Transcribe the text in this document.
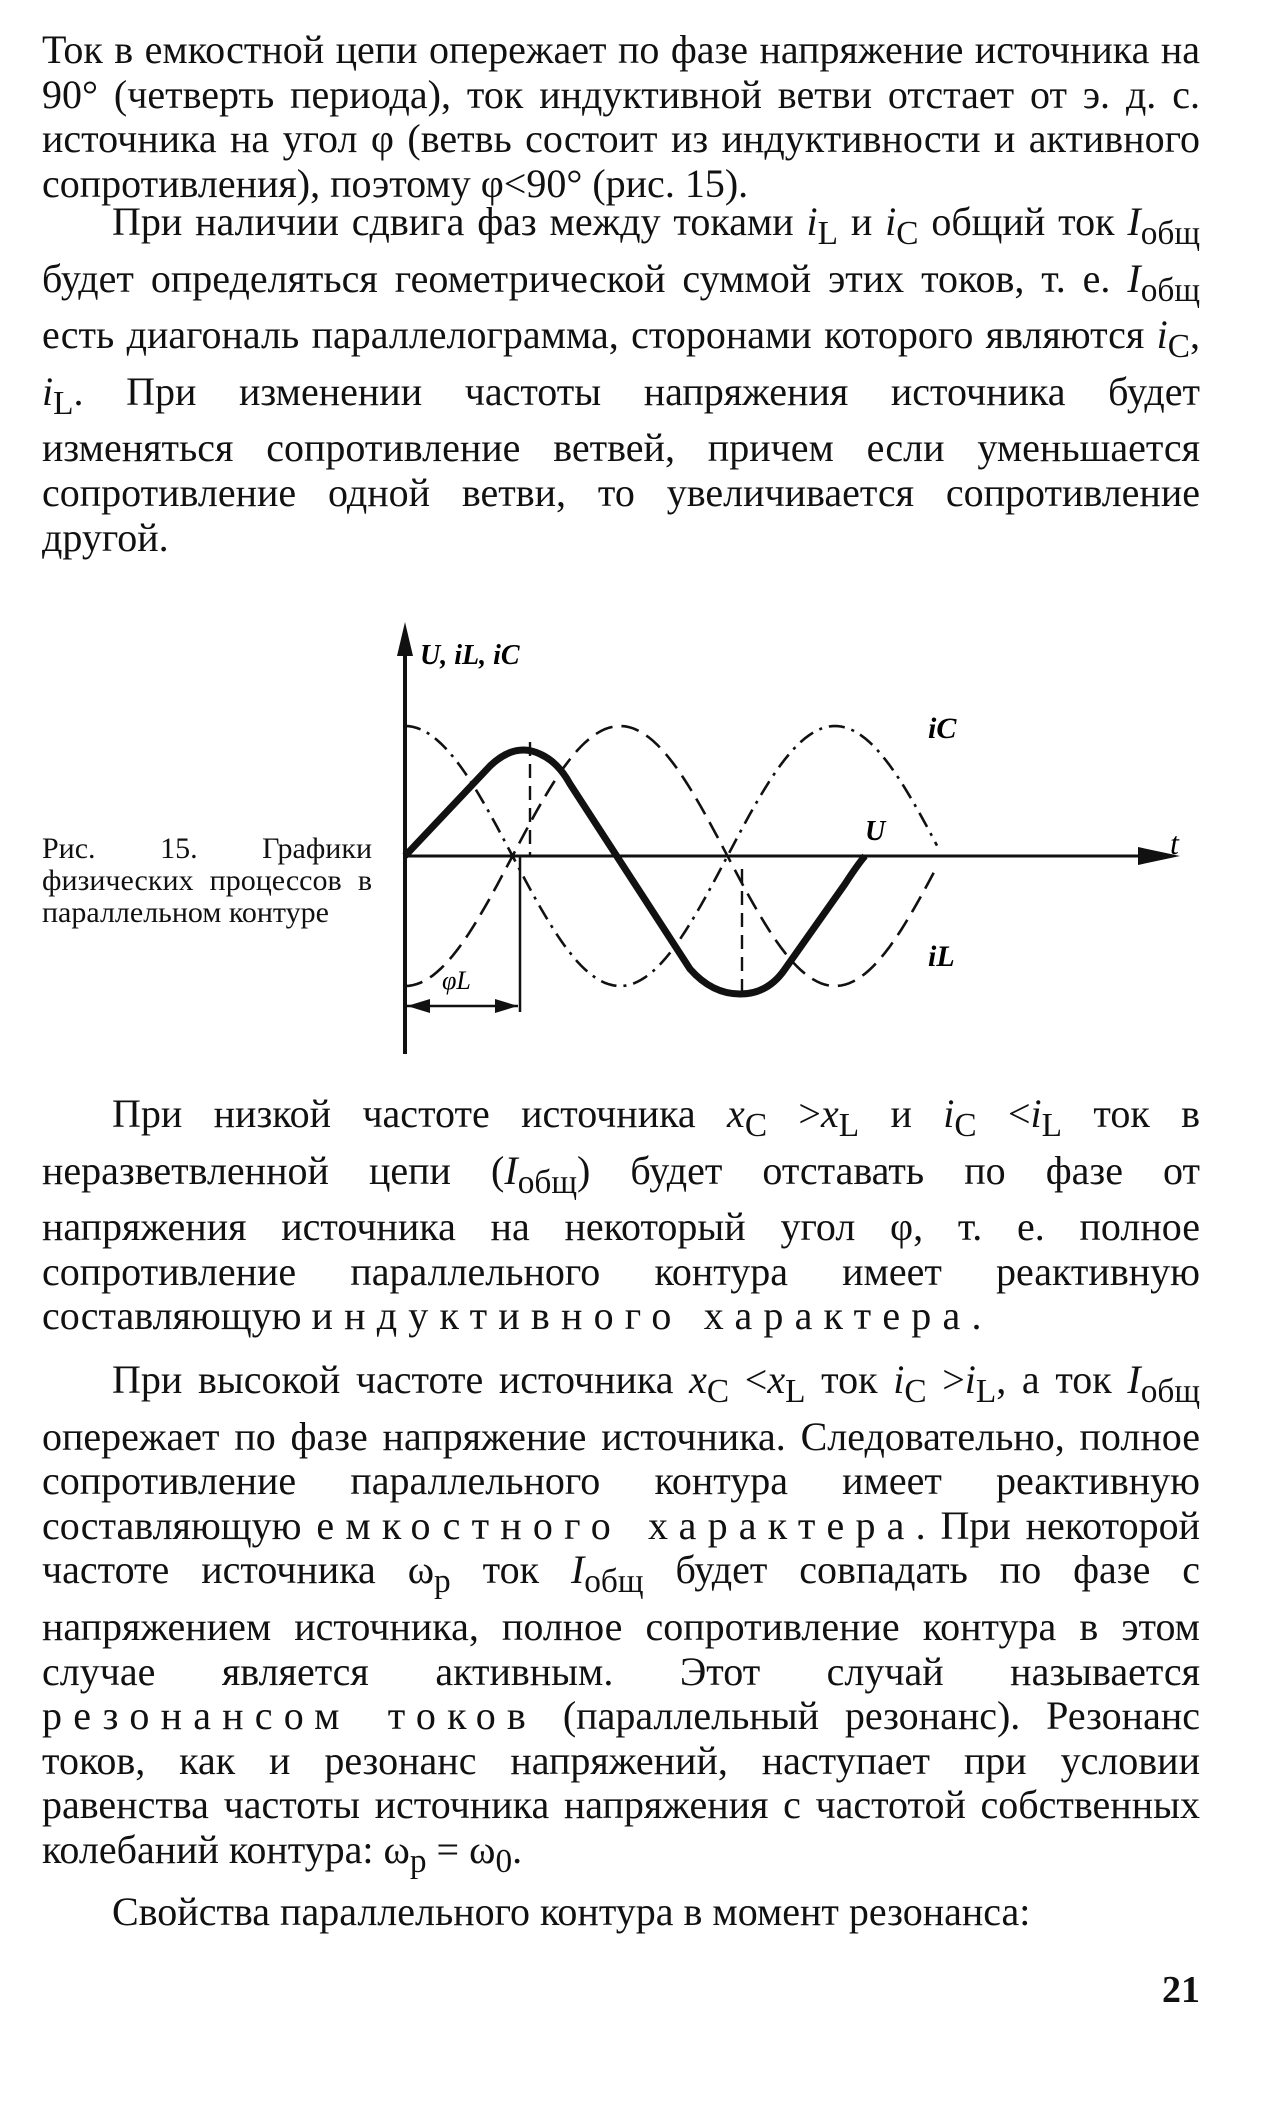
Ток в емкостной цепи опережает по фазе напряжение источника на 90° (четверть периода), ток индуктивной ветви отстает от э. д. с. источника на угол φ (ветвь состоит из индуктивности и активного сопротивления), поэтому φ<90° (рис. 15).

При наличии сдвига фаз между токами $i_L$ и $i_C$ общий ток $I_{общ}$ будет определяться геометрической суммой этих токов, т. е. $I_{общ}$ есть диагональ параллелограмма, сторонами которого являются $i_C$, $i_L$. При изменении частоты напряжения источника будет изменяться сопротивление ветвей, причем если уменьшается сопротивление одной ветви, то увеличивается сопротивление другой.

U, iL, iC
t
iC
U
iL
φL

Рис. 15. Графики физических процессов в параллельном контуре

При низкой частоте источника $x_C >x_L$ и $i_C <i_L$ ток в неразветвленной цепи $(I_{общ})$ будет отставать по фазе от напряжения источника на некоторый угол φ, т. е. полное сопротивление параллельного контура имеет реактивную составляющую индуктивного характера.

При высокой частоте источника $x_C <x_L$ ток $i_C >i_L$, а ток $I_{общ}$ опережает по фазе напряжение источника. Следовательно, полное сопротивление параллельного контура имеет реактивную составляющую емкостного характера. При некоторой частоте источника $\omega_р$ ток $I_{общ}$ будет совпадать по фазе с напряжением источника, полное сопротивление контура в этом случае является активным. Этот случай называется резонансом токов (параллельный резонанс). Резонанс токов, как и резонанс напряжений, наступает при условии равенства частоты источника напряжения с частотой собственных колебаний контура: $\omega_р = \omega_0$.

Свойства параллельного контура в момент резонанса:

21
